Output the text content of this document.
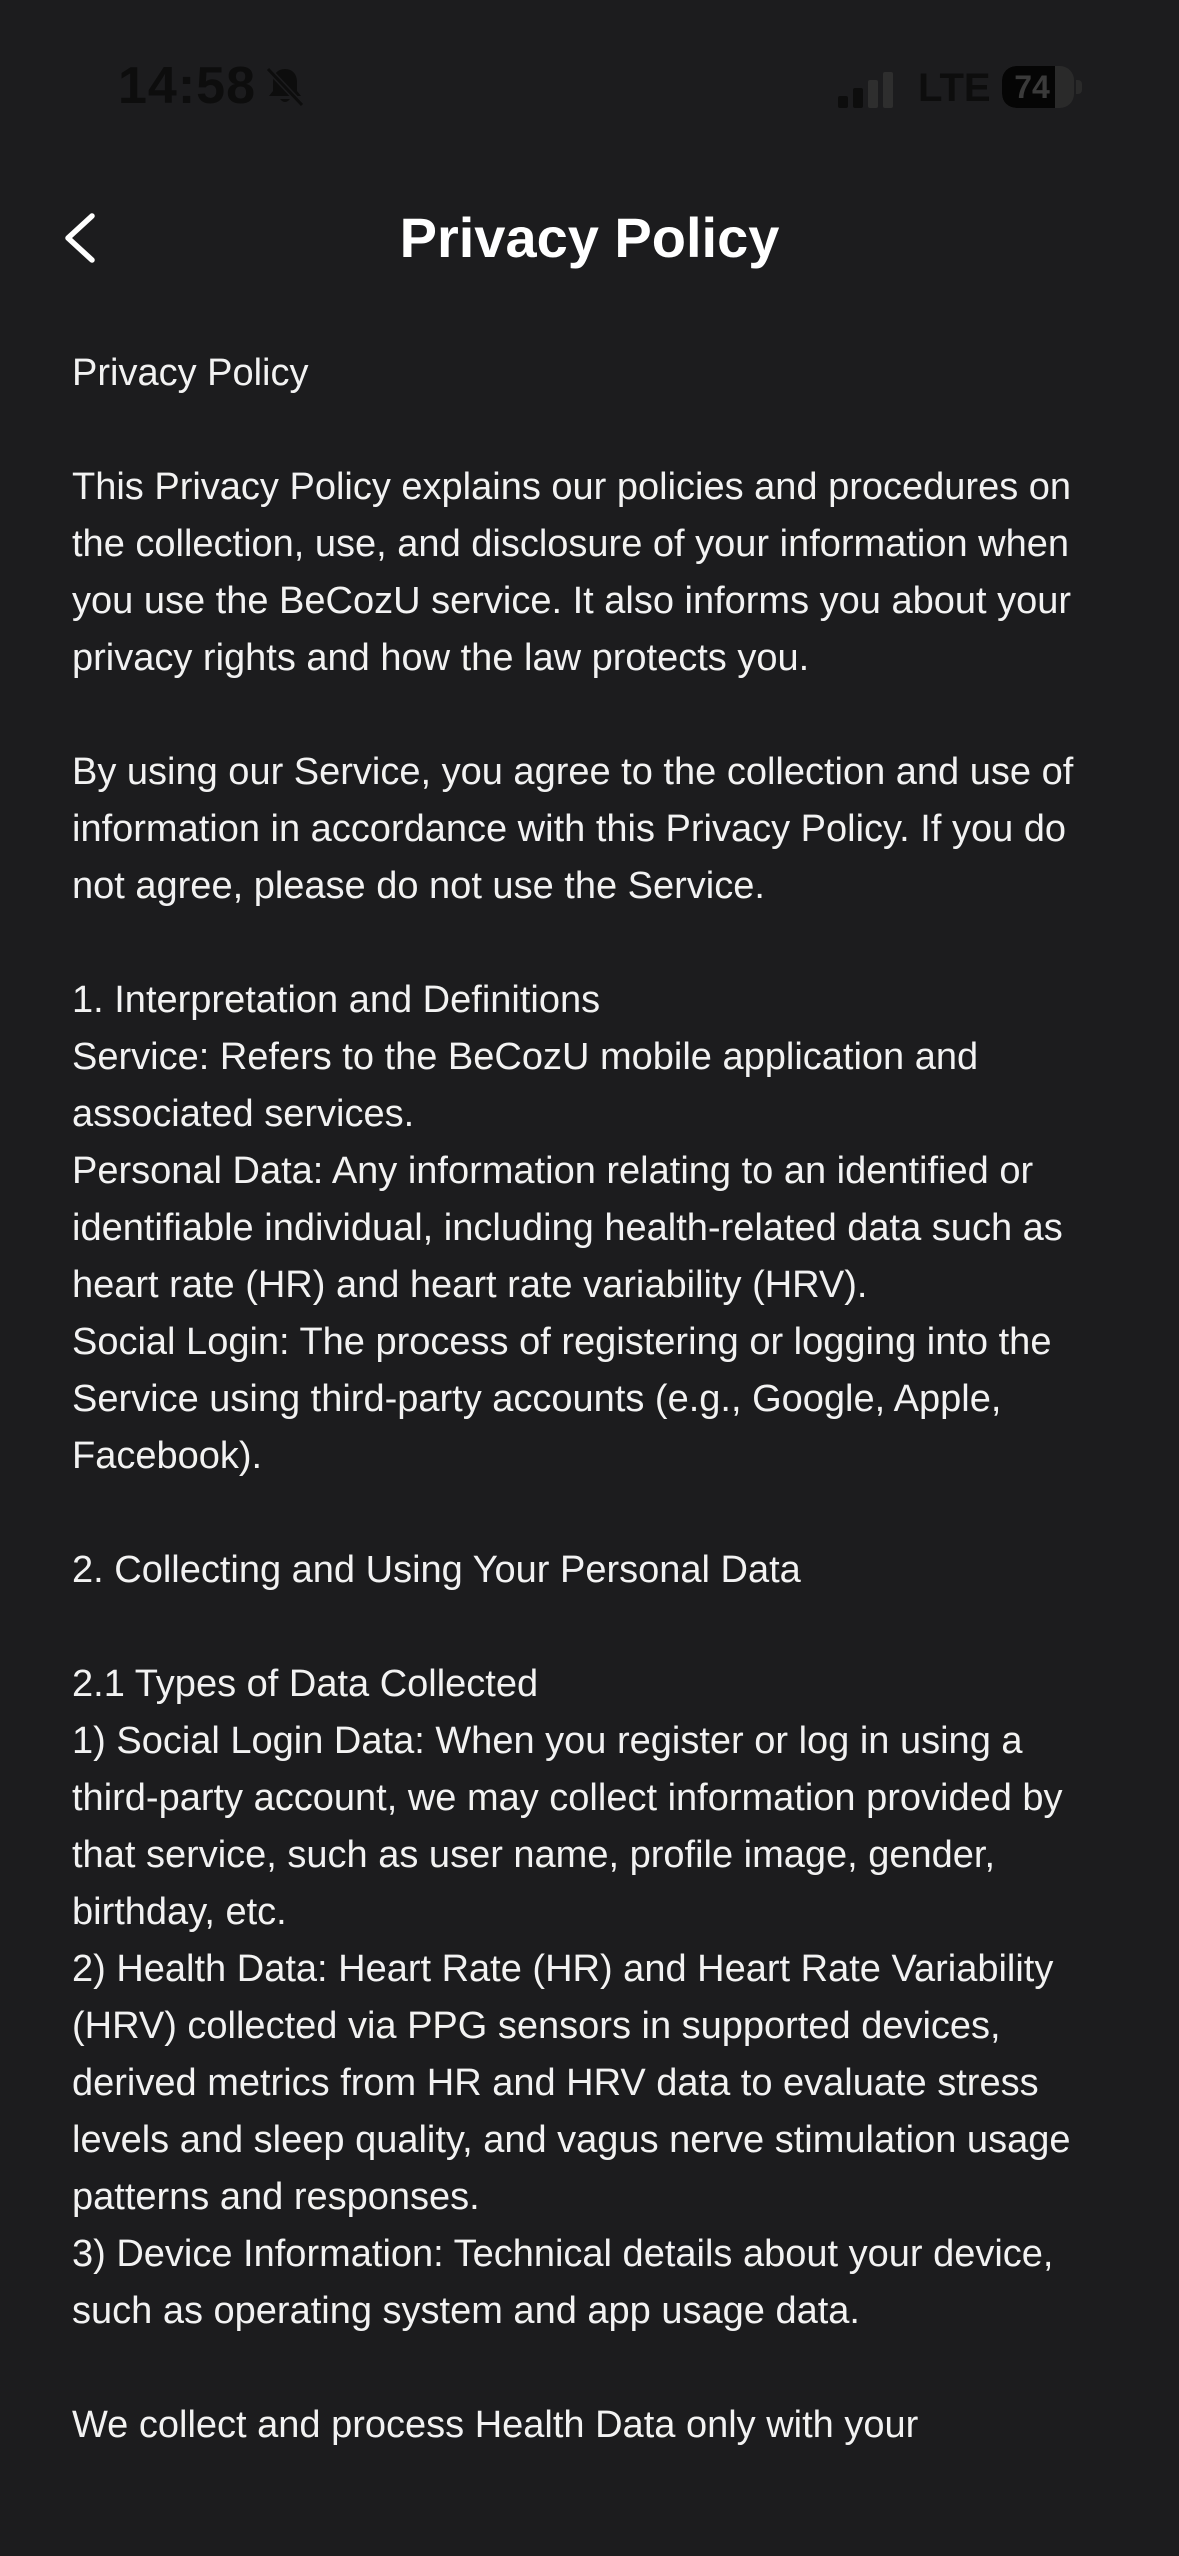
14:58	LTE 74
Privacy Policy

Privacy Policy

This Privacy Policy explains our policies and procedures on the collection, use, and disclosure of your information when you use the BeCozU service. It also informs you about your privacy rights and how the law protects you.

By using our Service, you agree to the collection and use of information in accordance with this Privacy Policy. If you do not agree, please do not use the Service.

1. Interpretation and Definitions
Service: Refers to the BeCozU mobile application and associated services.
Personal Data: Any information relating to an identified or identifiable individual, including health-related data such as heart rate (HR) and heart rate variability (HRV).
Social Login: The process of registering or logging into the Service using third-party accounts (e.g., Google, Apple, Facebook).

2. Collecting and Using Your Personal Data

2.1 Types of Data Collected
1) Social Login Data: When you register or log in using a third-party account, we may collect information provided by that service, such as user name, profile image, gender, birthday, etc.
2) Health Data: Heart Rate (HR) and Heart Rate Variability (HRV) collected via PPG sensors in supported devices, derived metrics from HR and HRV data to evaluate stress levels and sleep quality, and vagus nerve stimulation usage patterns and responses.
3) Device Information: Technical details about your device, such as operating system and app usage data.

We collect and process Health Data only with your
